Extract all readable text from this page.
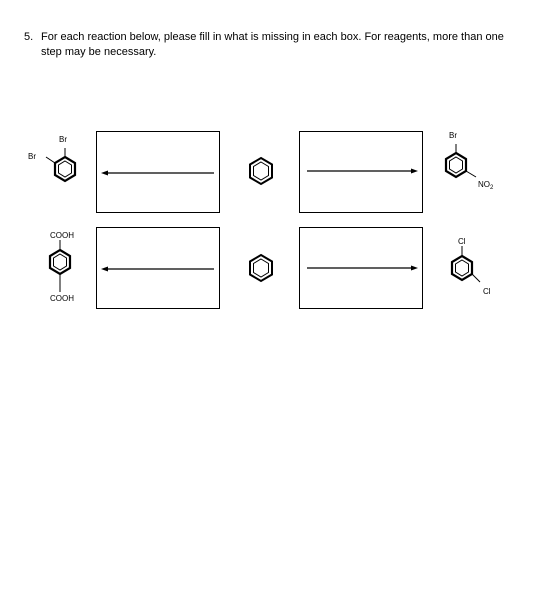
5. For each reaction below, please fill in what is missing in each box. For reagents, more than one step may be necessary.
Br
Br
Br
$NO_2$
COOH
COOH
Cl
Cl
